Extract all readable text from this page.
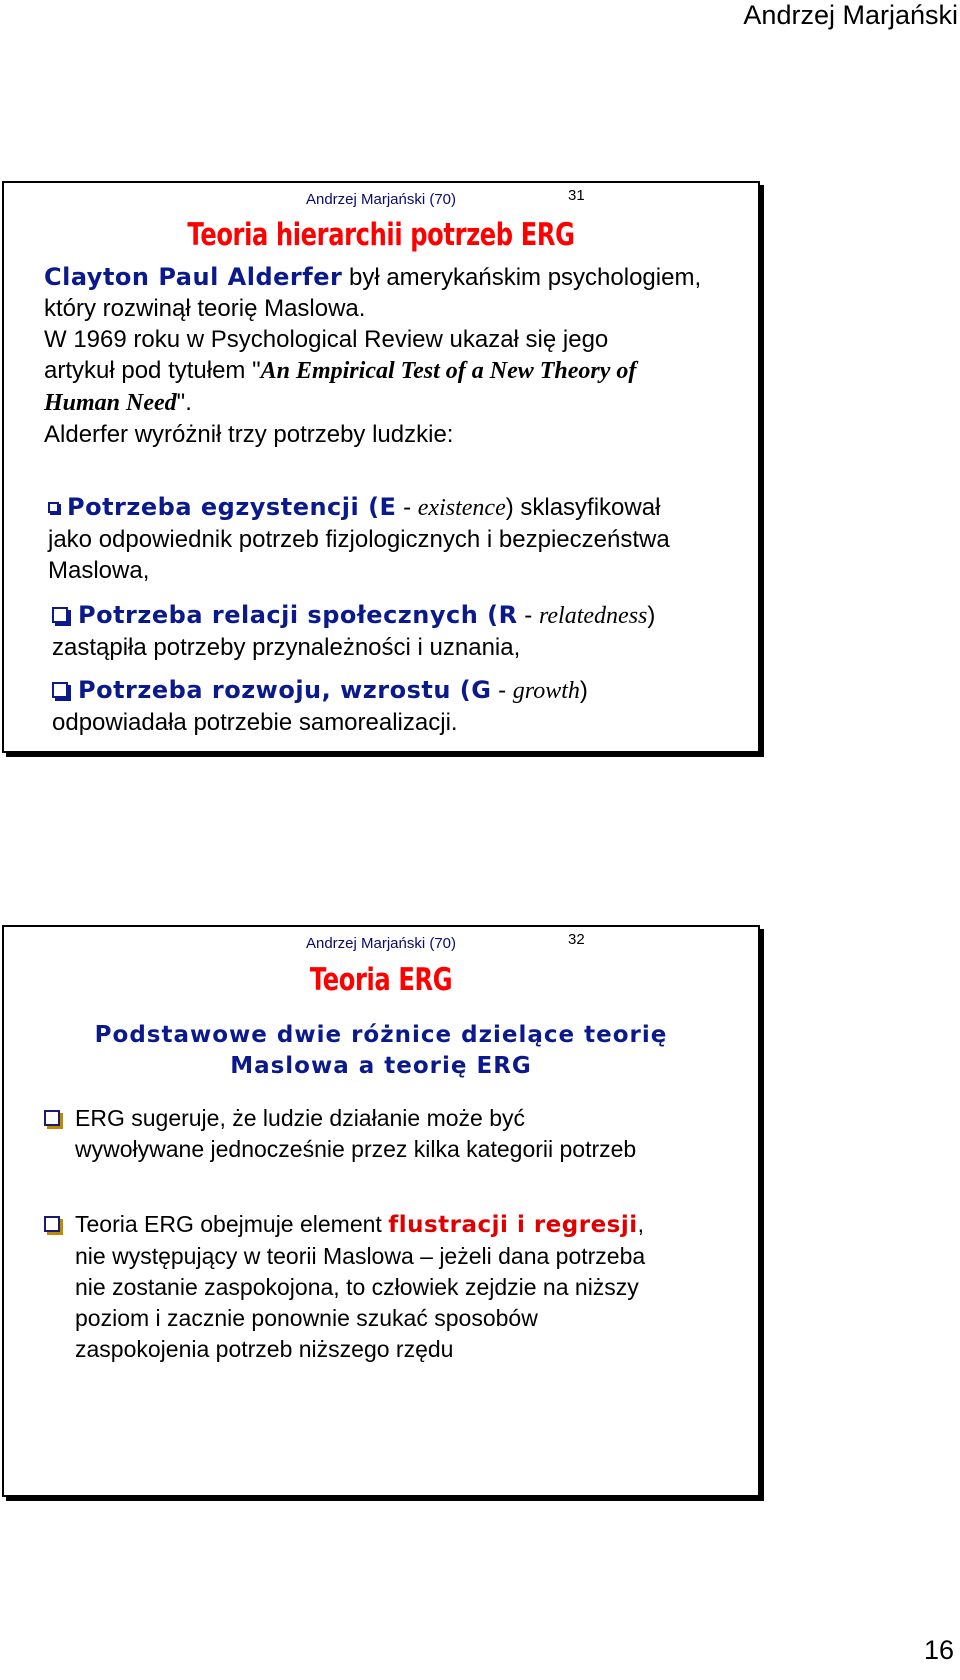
Andrzej Marjański
Andrzej Marjański (70)	31
Teoria hierarchii potrzeb ERG
Clayton Paul Alderfer był amerykańskim psychologiem,
który rozwinął teorię Maslowa.
W 1969 roku w Psychological Review ukazał się jego
artykuł pod tytułem "An Empirical Test of a New Theory of
Human Need".
Alderfer wyróżnił trzy potrzeby ludzkie:
Potrzeba egzystencji (E - existence) sklasyfikował
jako odpowiednik potrzeb fizjologicznych i bezpieczeństwa
Maslowa,
Potrzeba relacji społecznych (R - relatedness)
zastąpiła potrzeby przynależności i uznania,
Potrzeba rozwoju, wzrostu (G - growth)
odpowiadała potrzebie samorealizacji.
Andrzej Marjański (70)	32
Teoria ERG
Podstawowe dwie różnice dzielące teorię
Maslowa a teorię ERG
ERG sugeruje, że ludzie działanie może być
wywoływane jednocześnie przez kilka kategorii potrzeb
Teoria ERG obejmuje element flustracji i regresji,
nie występujący w teorii Maslowa – jeżeli dana potrzeba
nie zostanie zaspokojona, to człowiek zejdzie na niższy
poziom i zacznie ponownie szukać sposobów
zaspokojenia potrzeb niższego rzędu
16
